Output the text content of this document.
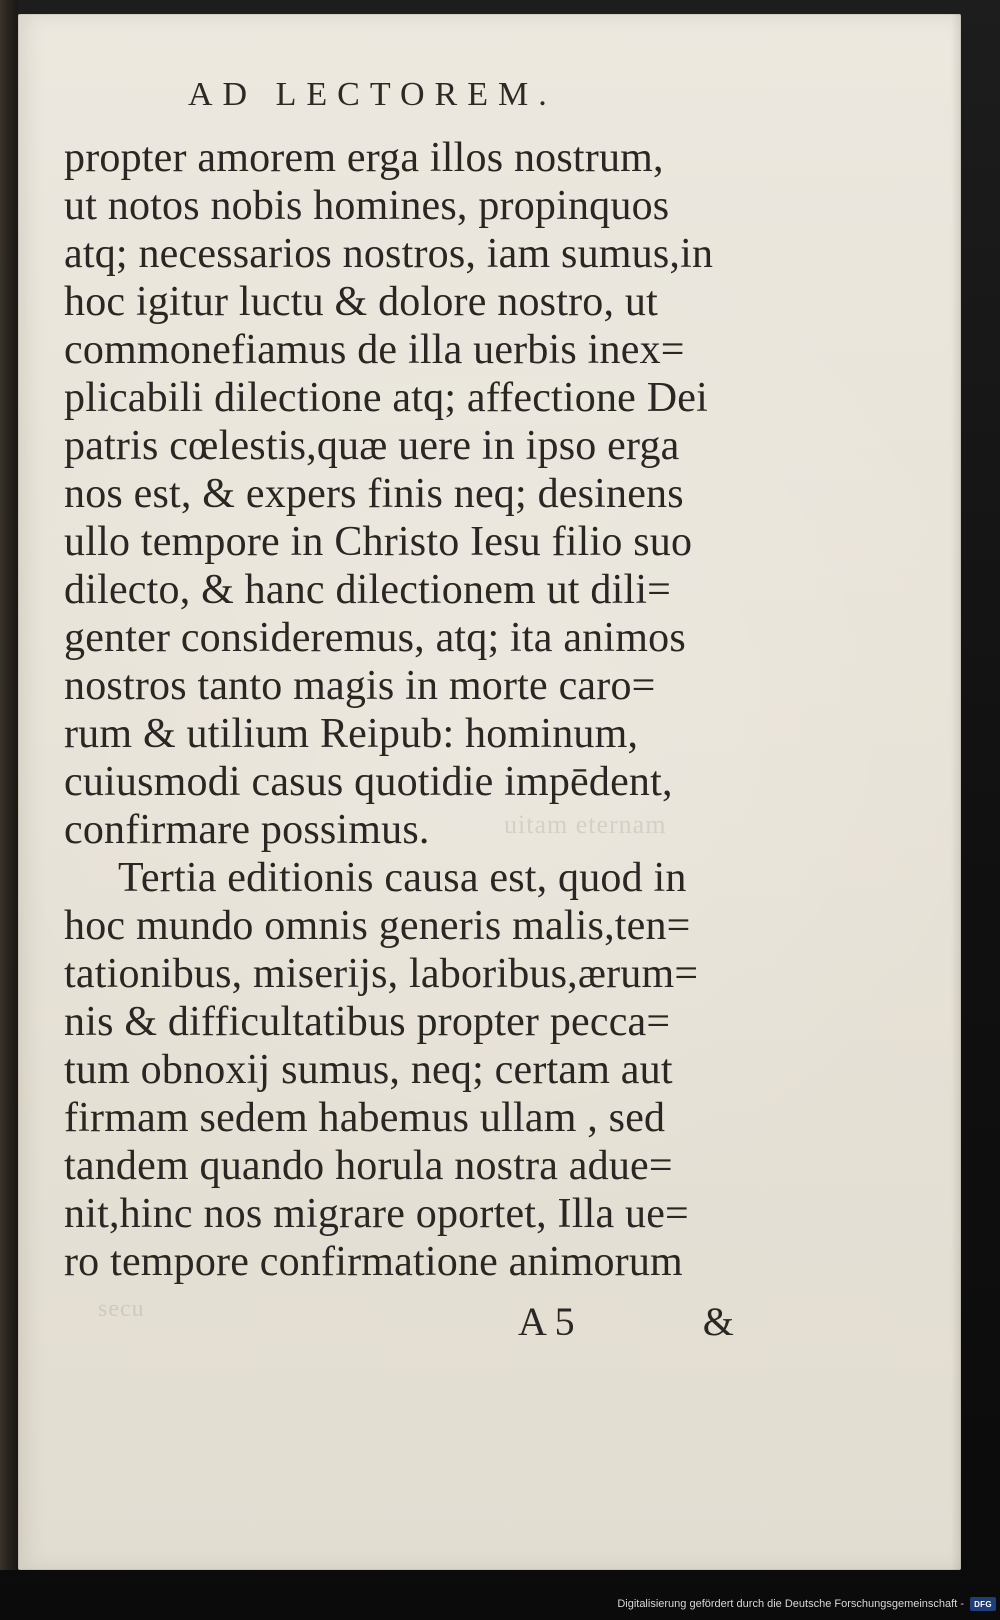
AD LECTOREM.
propter amorem erga illos nostrum,
ut notos nobis homines, propinquos
atq; necessarios nostros, iam sumus,in
hoc igitur luctu & dolore nostro, ut
commonefiamus de illa uerbis inex=
plicabili dilectione atq; affectione Dei
patris cœlestis,quæ uere in ipso erga
nos est, & expers finis neq; desinens
ullo tempore in Christo Iesu filio suo
dilecto, & hanc dilectionem ut dili=
genter consideremus, atq; ita animos
nostros tanto magis in morte caro=
rum & utilium Reipub: hominum,
cuiusmodi casus quotidie impēdent,
confirmare possimus.
Tertia editionis causa est, quod in
hoc mundo omnis generis malis,ten=
tationibus, miserijs, laboribus,ærum=
nis & difficultatibus propter pecca=
tum obnoxij sumus, neq; certam aut
firmam sedem habemus ullam , sed
tandem quando horula nostra adue=
nit,hinc nos migrare oportet, Illa ue=
ro tempore confirmatione animorum
uitam eternam
secu	A 5	&
Digitalisierung gefördert durch die Deutsche Forschungsgemeinschaft -	DFG
